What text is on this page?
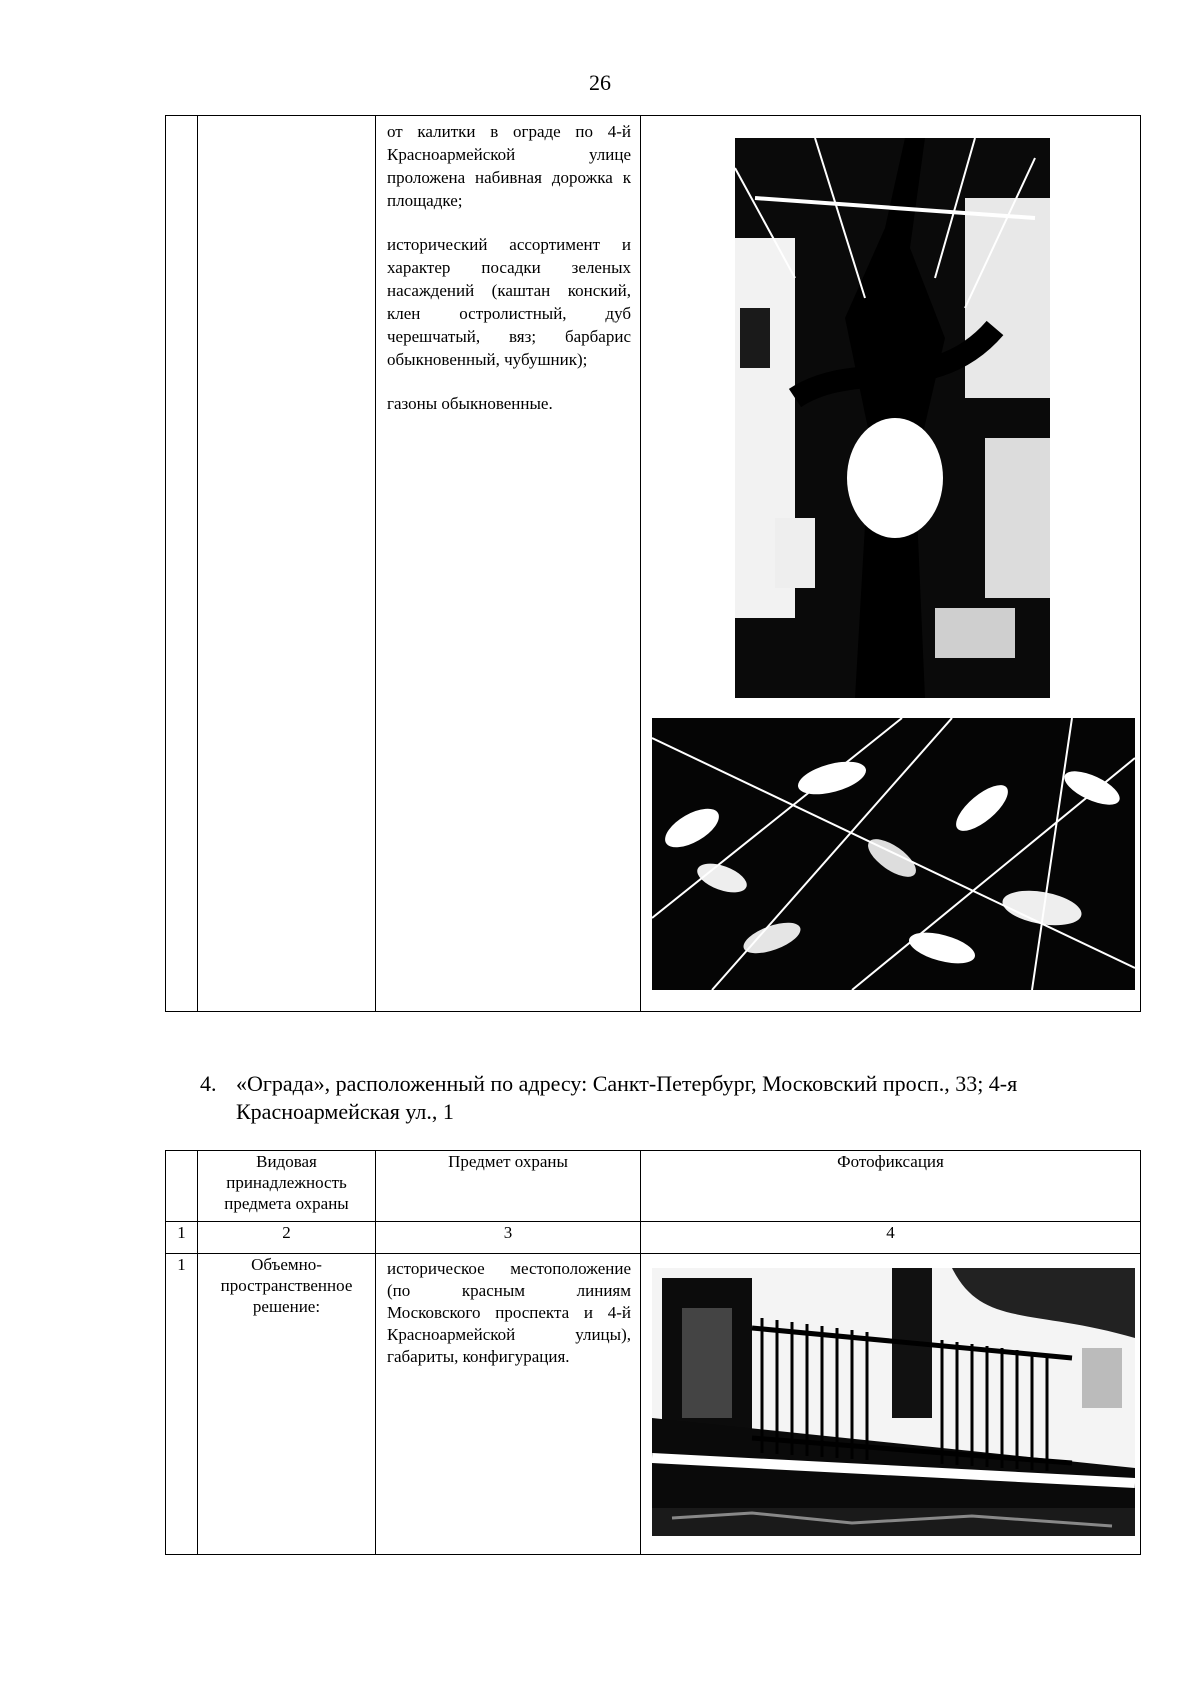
26

от калитки в ограде по 4-й Красноармейской улице проложена набивная дорожка к площадке;

исторический ассортимент и характер посадки зеленых насаждений (каштан конский, клен остролистный, дуб черешчатый, вяз; барбарис обыкновенный, чубушник);

газоны обыкновенные.

4. «Ограда», расположенный по адресу: Санкт-Петербург, Московский просп., 33; 4-я Красноармейская ул., 1
	Видовая принадлежность предмета охраны	Предмет охраны	Фотофиксация
1	2	3	4
1	Объемно-пространственное решение:	историческое местоположение (по красным линиям Московского проспекта и 4-й Красноармейской улицы), габариты, конфигурация.	
